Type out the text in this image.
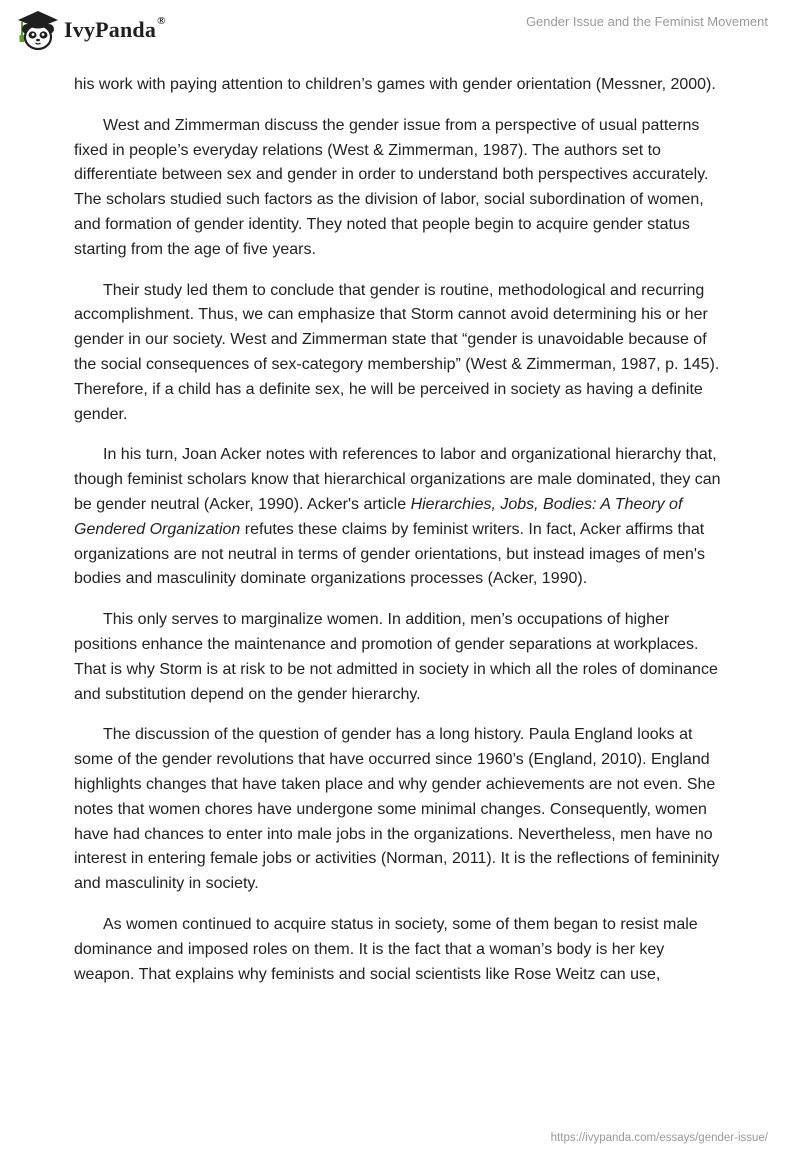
IvyPanda®	Gender Issue and the Feminist Movement

his work with paying attention to children’s games with gender orientation (Messner, 2000).

West and Zimmerman discuss the gender issue from a perspective of usual patterns fixed in people’s everyday relations (West & Zimmerman, 1987). The authors set to differentiate between sex and gender in order to understand both perspectives accurately. The scholars studied such factors as the division of labor, social subordination of women, and formation of gender identity. They noted that people begin to acquire gender status starting from the age of five years.

Their study led them to conclude that gender is routine, methodological and recurring accomplishment. Thus, we can emphasize that Storm cannot avoid determining his or her gender in our society. West and Zimmerman state that “gender is unavoidable because of the social consequences of sex-category membership” (West & Zimmerman, 1987, p. 145). Therefore, if a child has a definite sex, he will be perceived in society as having a definite gender.

In his turn, Joan Acker notes with references to labor and organizational hierarchy that, though feminist scholars know that hierarchical organizations are male dominated, they can be gender neutral (Acker, 1990). Acker's article Hierarchies, Jobs, Bodies: A Theory of Gendered Organization refutes these claims by feminist writers. In fact, Acker affirms that organizations are not neutral in terms of gender orientations, but instead images of men's bodies and masculinity dominate organizations processes (Acker, 1990).

This only serves to marginalize women. In addition, men’s occupations of higher positions enhance the maintenance and promotion of gender separations at workplaces. That is why Storm is at risk to be not admitted in society in which all the roles of dominance and substitution depend on the gender hierarchy.

The discussion of the question of gender has a long history. Paula England looks at some of the gender revolutions that have occurred since 1960’s (England, 2010). England highlights changes that have taken place and why gender achievements are not even. She notes that women chores have undergone some minimal changes. Consequently, women have had chances to enter into male jobs in the organizations. Nevertheless, men have no interest in entering female jobs or activities (Norman, 2011). It is the reflections of femininity and masculinity in society.

As women continued to acquire status in society, some of them began to resist male dominance and imposed roles on them. It is the fact that a woman’s body is her key weapon. That explains why feminists and social scientists like Rose Weitz can use,

https://ivypanda.com/essays/gender-issue/
